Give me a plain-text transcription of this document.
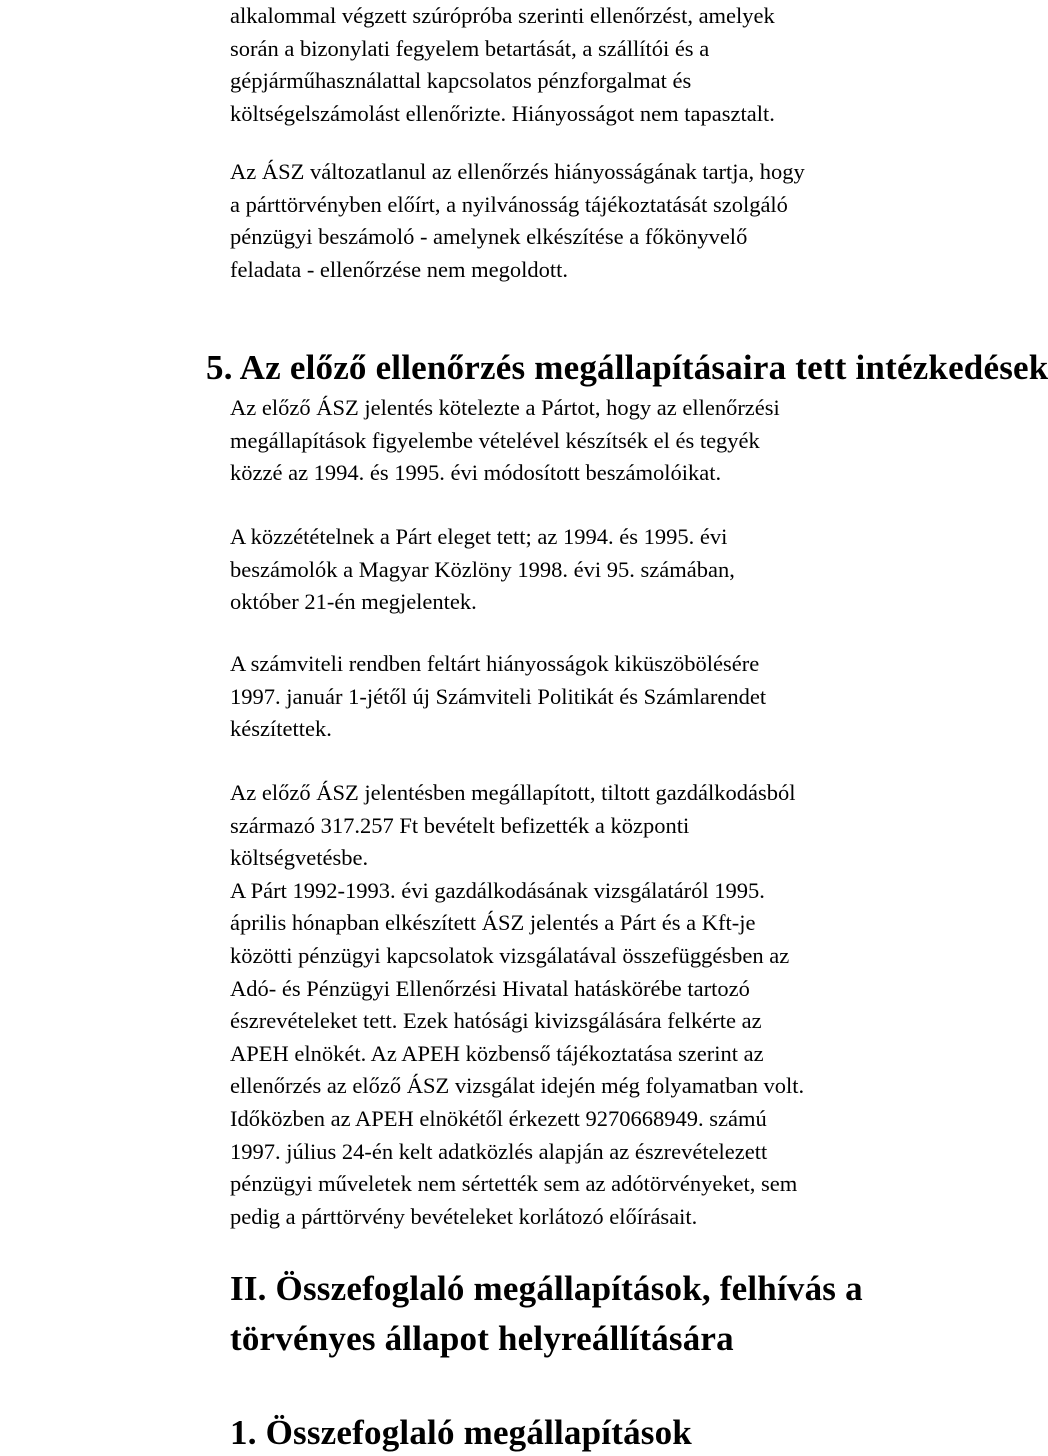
alkalommal végzett szúrópróba szerinti ellenőrzést, amelyek
során a bizonylati fegyelem betartását, a szállítói és a
gépjárműhasználattal kapcsolatos pénzforgalmat és
költségelszámolást ellenőrizte. Hiányosságot nem tapasztalt.

Az ÁSZ változatlanul az ellenőrzés hiányosságának tartja, hogy
a párttörvényben előírt, a nyilvánosság tájékoztatását szolgáló
pénzügyi beszámoló - amelynek elkészítése a főkönyvelő
feladata - ellenőrzése nem megoldott.

5. Az előző ellenőrzés megállapításaira tett intézkedések

Az előző ÁSZ jelentés kötelezte a Pártot, hogy az ellenőrzési
megállapítások figyelembe vételével készítsék el és tegyék
közzé az 1994. és 1995. évi módosított beszámolóikat.

A közzétételnek a Párt eleget tett; az 1994. és 1995. évi
beszámolók a Magyar Közlöny 1998. évi 95. számában,
október 21-én megjelentek.

A számviteli rendben feltárt hiányosságok kiküszöbölésére
1997. január 1-jétől új Számviteli Politikát és Számlarendet
készítettek.

Az előző ÁSZ jelentésben megállapított, tiltott gazdálkodásból
származó 317.257 Ft bevételt befizették a központi
költségvetésbe.
A Párt 1992-1993. évi gazdálkodásának vizsgálatáról 1995.
április hónapban elkészített ÁSZ jelentés a Párt és a Kft-je
közötti pénzügyi kapcsolatok vizsgálatával összefüggésben az
Adó- és Pénzügyi Ellenőrzési Hivatal hatáskörébe tartozó
észrevételeket tett. Ezek hatósági kivizsgálására felkérte az
APEH elnökét. Az APEH közbenső tájékoztatása szerint az
ellenőrzés az előző ÁSZ vizsgálat idején még folyamatban volt.
Időközben az APEH elnökétől érkezett 9270668949. számú
1997. július 24-én kelt adatközlés alapján az észrevételezett
pénzügyi műveletek nem sértették sem az adótörvényeket, sem
pedig a párttörvény bevételeket korlátozó előírásait.

II. Összefoglaló megállapítások, felhívás a
törvényes állapot helyreállítására
1. Összefoglaló megállapítások
